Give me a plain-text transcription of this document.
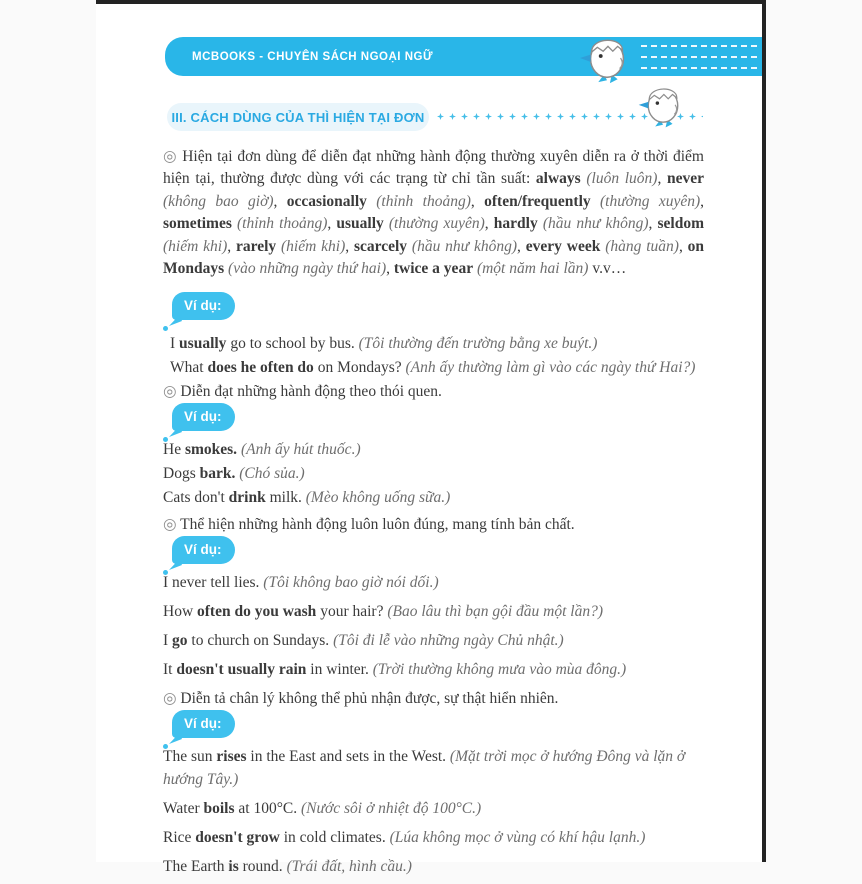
MCBOOKS - CHUYÊN SÁCH NGOẠI NGỮ
III. CÁCH DÙNG CỦA THÌ HIỆN TẠI ĐƠN

◎ Hiện tại đơn dùng để diễn đạt những hành động thường xuyên diễn ra ở thời điểm hiện tại, thường được dùng với các trạng từ chỉ tần suất: always (luôn luôn), never (không bao giờ), occasionally (thỉnh thoảng), often/frequently (thường xuyên), sometimes (thỉnh thoảng), usually (thường xuyên), hardly (hầu như không), seldom (hiếm khi), rarely (hiếm khi), scarcely (hầu như không), every week (hàng tuần), on Mondays (vào những ngày thứ hai), twice a year (một năm hai lần) v.v…

Ví dụ:

I usually go to school by bus. (Tôi thường đến trường bằng xe buýt.)

What does he often do on Mondays? (Anh ấy thường làm gì vào các ngày thứ Hai?)

◎ Diễn đạt những hành động theo thói quen.

Ví dụ:

He smokes. (Anh ấy hút thuốc.)

Dogs bark. (Chó sủa.)

Cats don't drink milk. (Mèo không uống sữa.)

◎ Thể hiện những hành động luôn luôn đúng, mang tính bản chất.

Ví dụ:

I never tell lies. (Tôi không bao giờ nói dối.)

How often do you wash your hair? (Bao lâu thì bạn gội đầu một lần?)

I go to church on Sundays. (Tôi đi lễ vào những ngày Chủ nhật.)

It doesn't usually rain in winter. (Trời thường không mưa vào mùa đông.)

◎ Diễn tả chân lý không thể phủ nhận được, sự thật hiển nhiên.

Ví dụ:

The sun rises in the East and sets in the West. (Mặt trời mọc ở hướng Đông và lặn ở hướng Tây.)

Water boils at 100°C. (Nước sôi ở nhiệt độ 100°C.)

Rice doesn't grow in cold climates. (Lúa không mọc ở vùng có khí hậu lạnh.)

The Earth is round. (Trái đất, hình cầu.)
